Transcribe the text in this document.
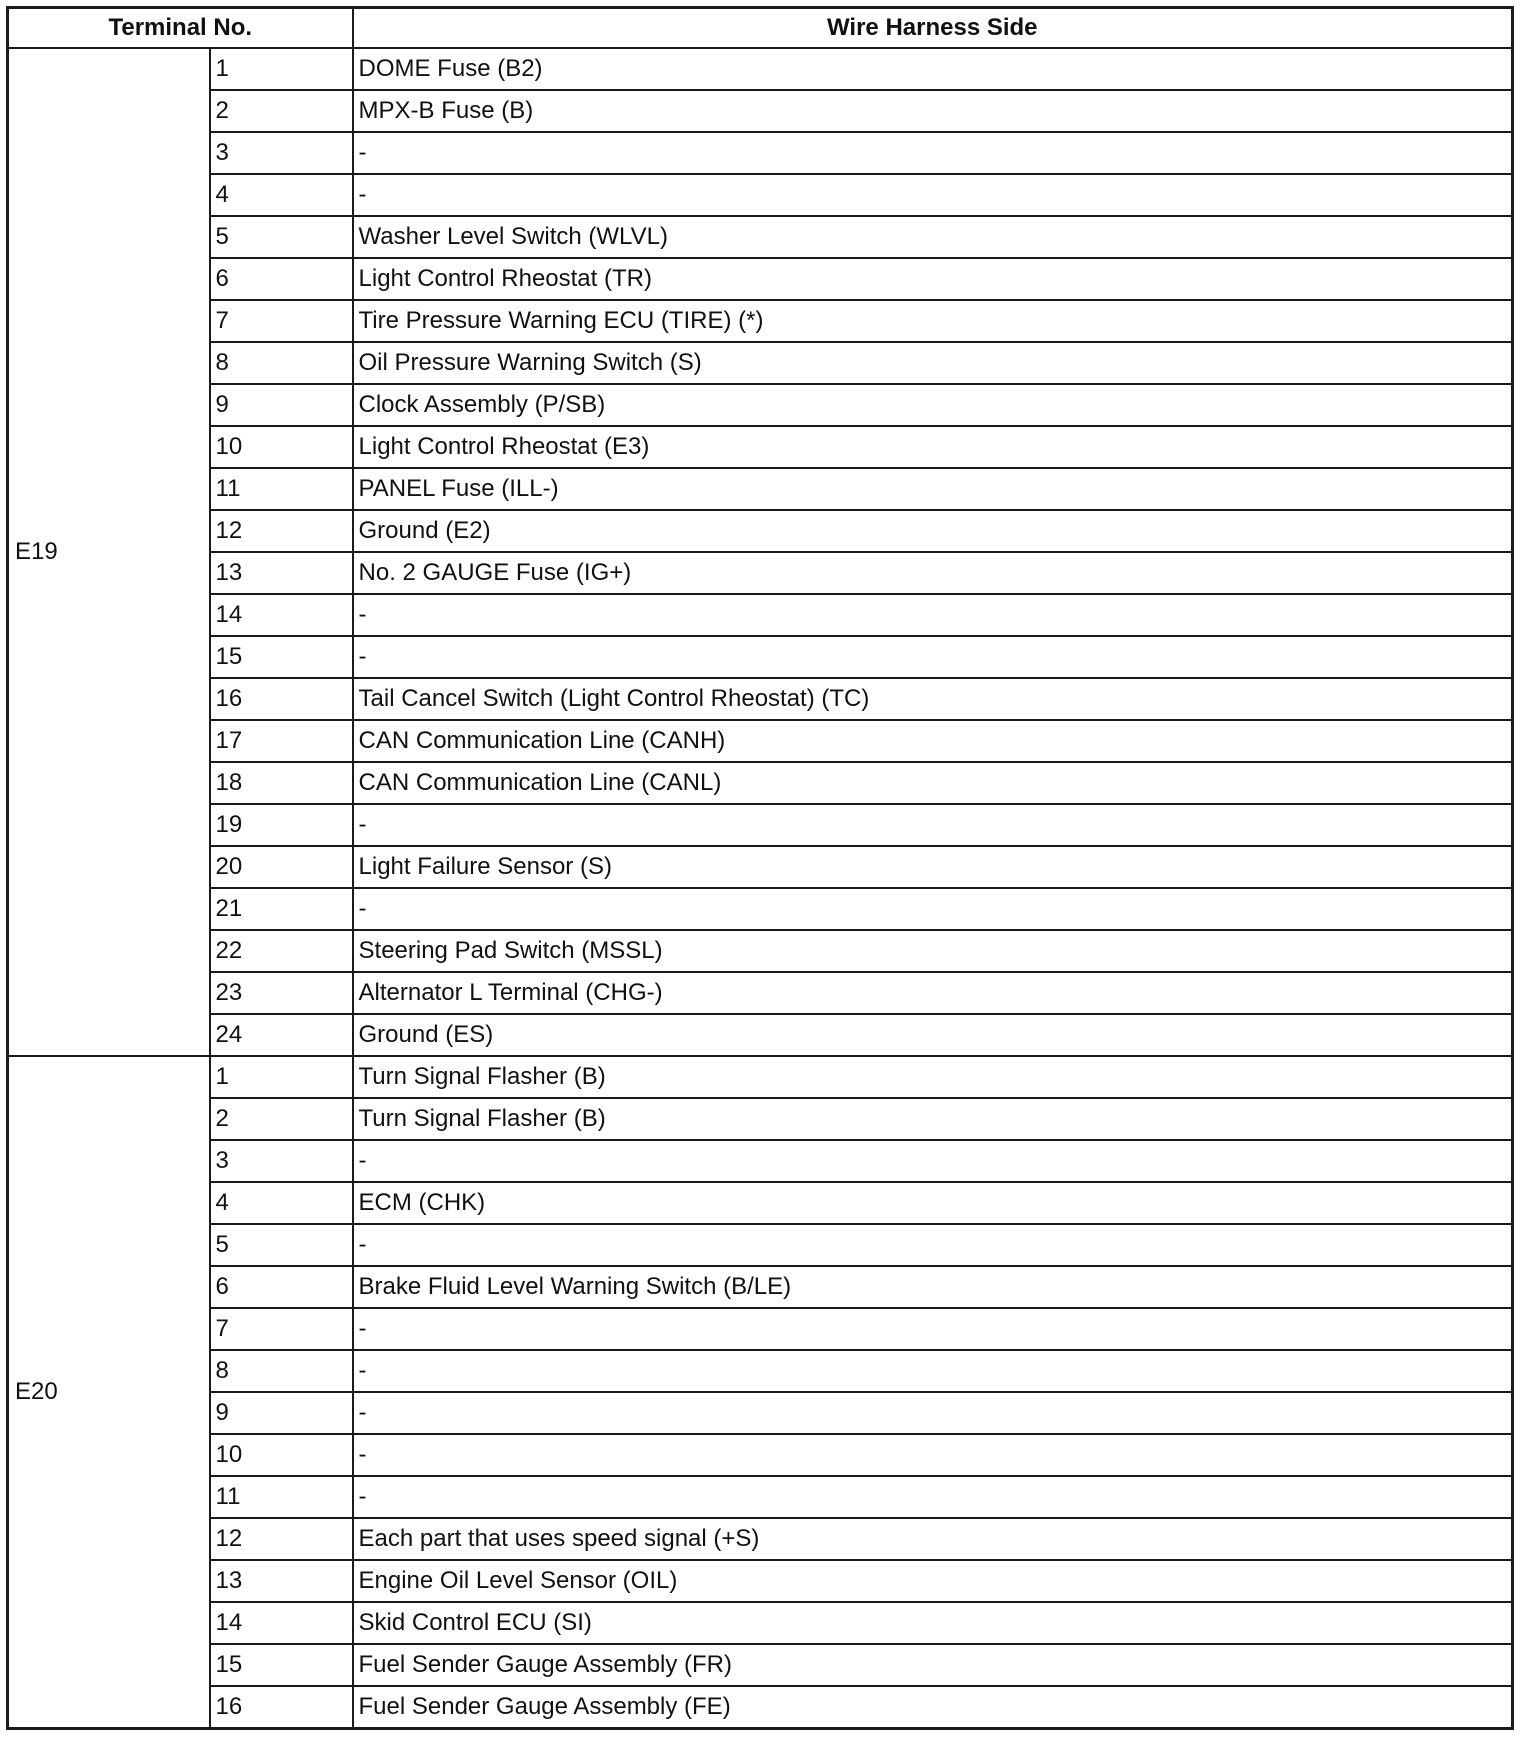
Terminal No.		Wire Harness Side
E19	1	DOME Fuse (B2)
	2	MPX-B Fuse (B)
	3	-
	4	-
	5	Washer Level Switch (WLVL)
	6	Light Control Rheostat (TR)
	7	Tire Pressure Warning ECU (TIRE) (*)
	8	Oil Pressure Warning Switch (S)
	9	Clock Assembly (P/SB)
	10	Light Control Rheostat (E3)
	11	PANEL Fuse (ILL-)
	12	Ground (E2)
	13	No. 2 GAUGE Fuse (IG+)
	14	-
	15	-
	16	Tail Cancel Switch (Light Control Rheostat) (TC)
	17	CAN Communication Line (CANH)
	18	CAN Communication Line (CANL)
	19	-
	20	Light Failure Sensor (S)
	21	-
	22	Steering Pad Switch (MSSL)
	23	Alternator L Terminal (CHG-)
	24	Ground (ES)
E20	1	Turn Signal Flasher (B)
	2	Turn Signal Flasher (B)
	3	-
	4	ECM (CHK)
	5	-
	6	Brake Fluid Level Warning Switch (B/LE)
	7	-
	8	-
	9	-
	10	-
	11	-
	12	Each part that uses speed signal (+S)
	13	Engine Oil Level Sensor (OIL)
	14	Skid Control ECU (SI)
	15	Fuel Sender Gauge Assembly (FR)
	16	Fuel Sender Gauge Assembly (FE)
